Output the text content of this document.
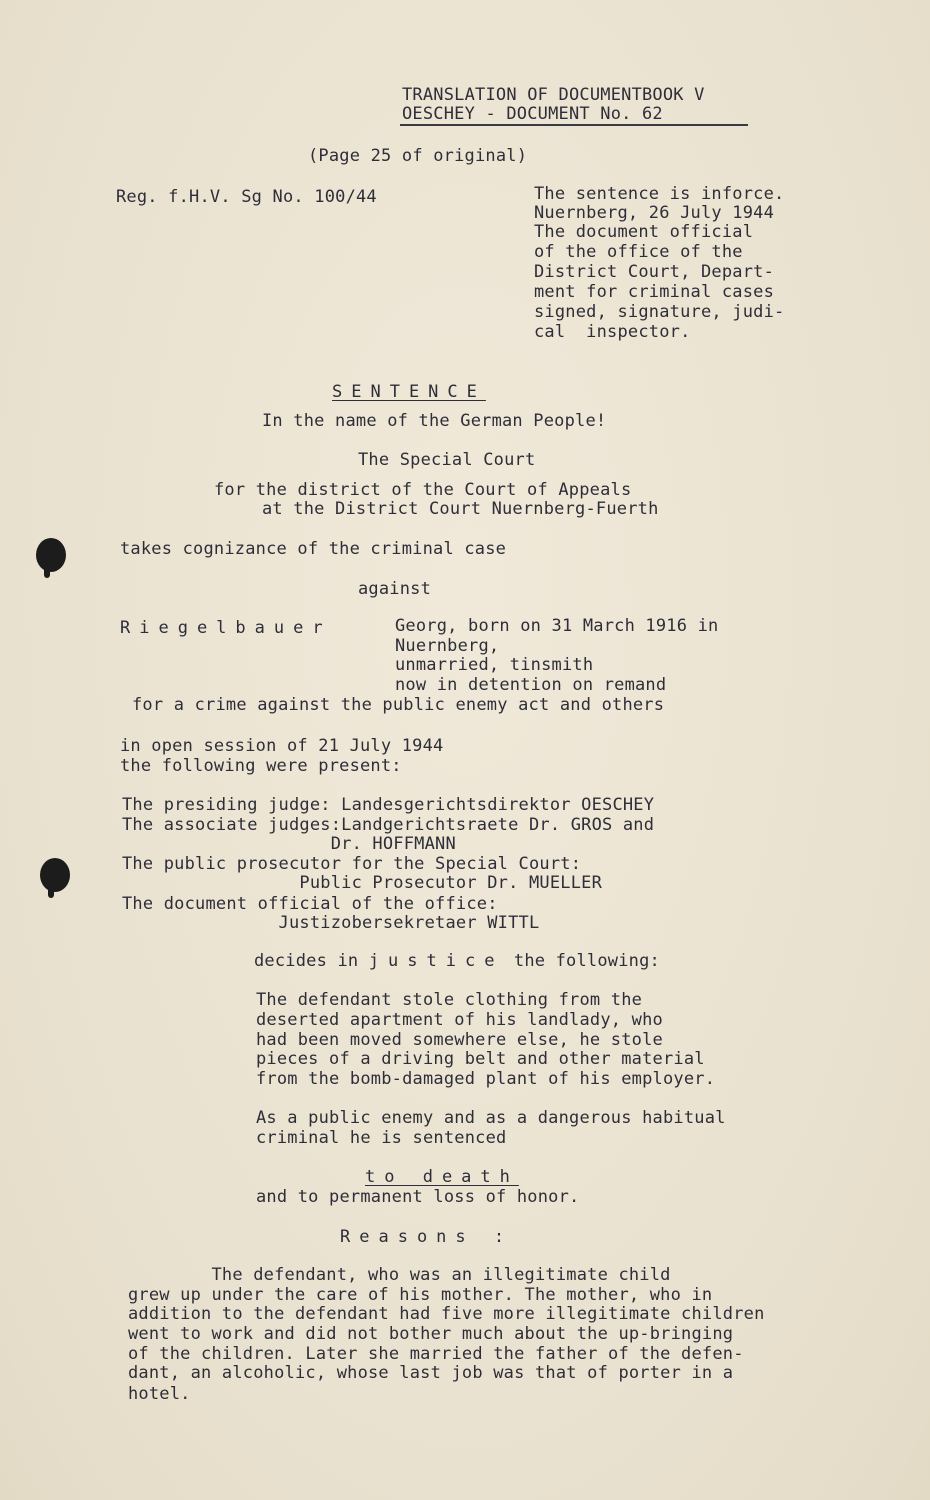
TRANSLATION OF DOCUMENTBOOK V
OESCHEY - DOCUMENT No. 62
(Page 25 of original)
Reg. f.H.V. Sg No. 100/44	The sentence is inforce.
Nuernberg, 26 July 1944
The document official
of the office of the
District Court, Depart-
ment for criminal cases
signed, signature, judi-
cal  inspector.
SENTENCE
In the name of the German People!
The Special Court
for the district of the Court of Appeals
at the District Court Nuernberg-Fuerth
takes cognizance of the criminal case
against
Riegelbauer	Georg, born on 31 March 1916 in
Nuernberg,
unmarried, tinsmith
now in detention on remand
for a crime against the public enemy act and others
in open session of 21 July 1944
the following were present:
The presiding judge: Landesgerichtsdirektor OESCHEY
The associate judges:Landgerichtsraete Dr. GROS and
Dr. HOFFMANN
The public prosecutor for the Special Court:
Public Prosecutor Dr. MUELLER
The document official of the office:
Justizobersekretaer WITTL
decides in justice the following:
The defendant stole clothing from the
deserted apartment of his landlady, who
had been moved somewhere else, he stole
pieces of a driving belt and other material
from the bomb-damaged plant of his employer.
As a public enemy and as a dangerous habitual
criminal he is sentenced
to death
and to permanent loss of honor.
Reasons :
The defendant, who was an illegitimate child
grew up under the care of his mother. The mother, who in
addition to the defendant had five more illegitimate children
went to work and did not bother much about the up-bringing
of the children. Later she married the father of the defen-
dant, an alcoholic, whose last job was that of porter in a
hotel.
